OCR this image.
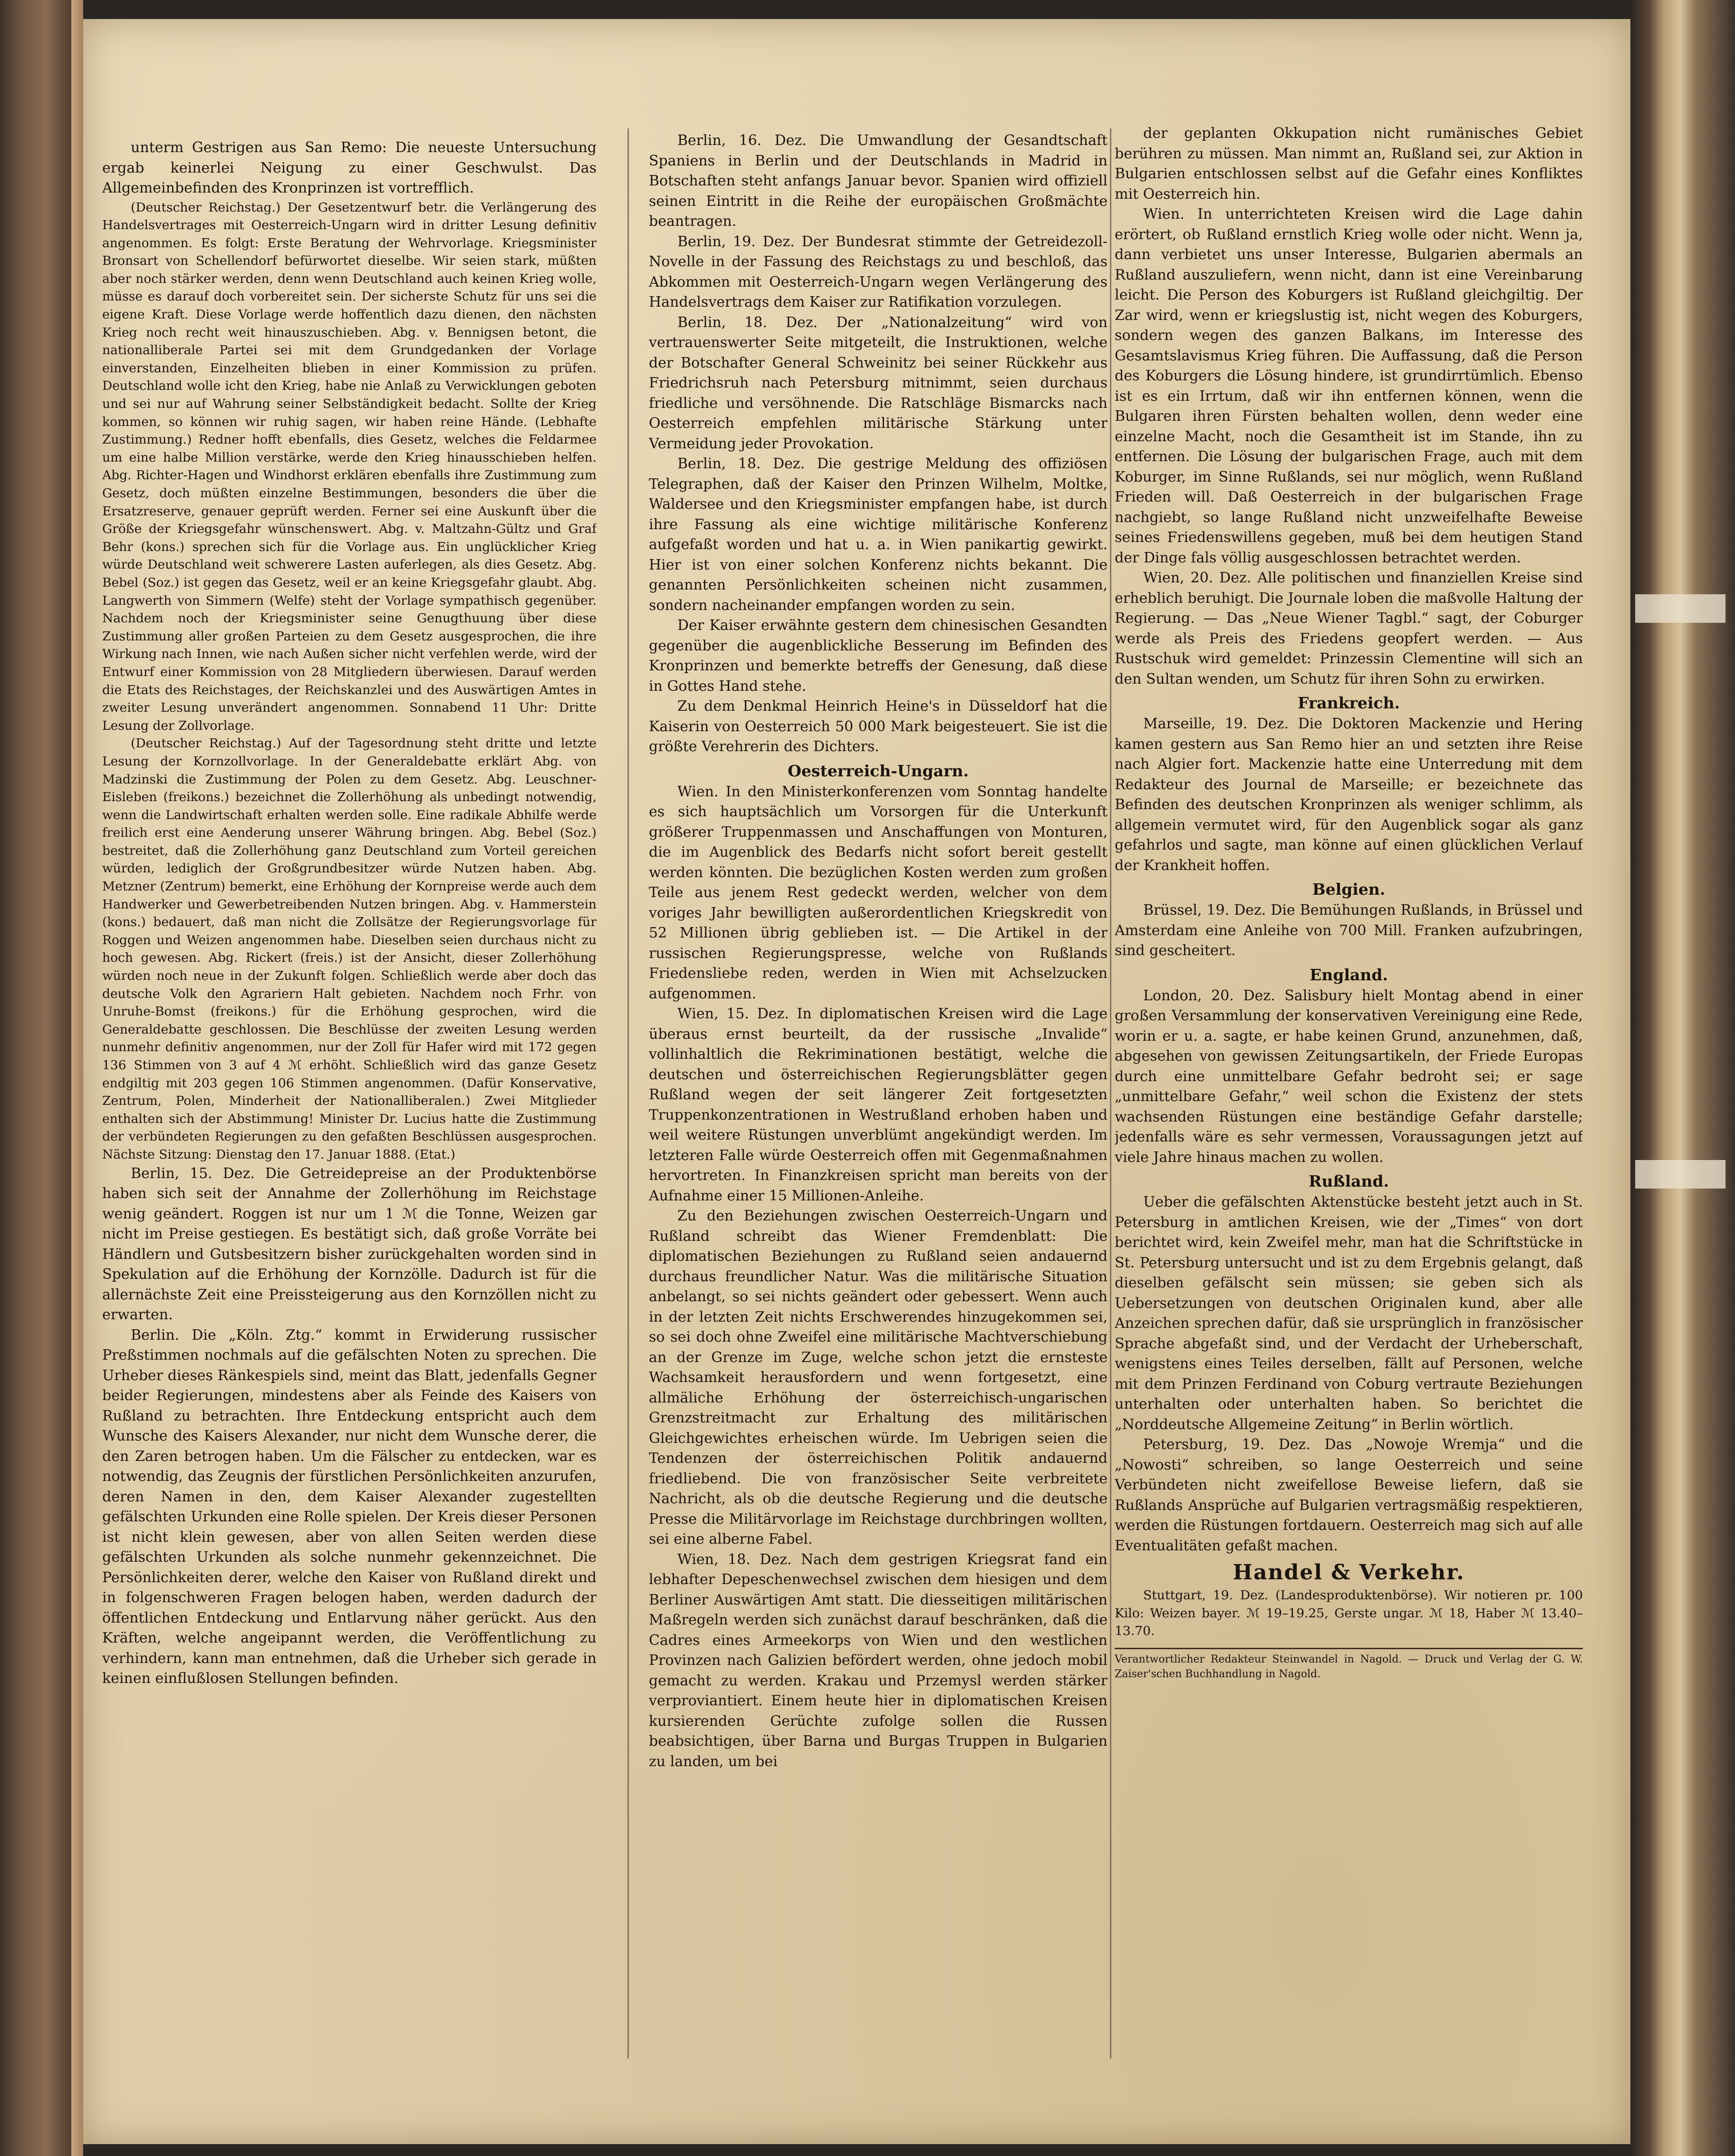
unterm Gestrigen aus San Remo: Die neueste Untersuchung ergab keinerlei Neigung zu einer Geschwulst. Das Allgemeinbefinden des Kronprinzen ist vortrefflich.

(Deutscher Reichstag.) Der Gesetzentwurf betr. die Verlängerung des Handelsvertrages mit Oesterreich-Ungarn wird in dritter Lesung definitiv angenommen. Es folgt: Erste Beratung der Wehrvorlage. Kriegsminister Bronsart von Schellendorf befürwortet dieselbe. Wir seien stark, müßten aber noch stärker werden, denn wenn Deutschland auch keinen Krieg wolle, müsse es darauf doch vorbereitet sein. Der sicherste Schutz für uns sei die eigene Kraft. Diese Vorlage werde hoffentlich dazu dienen, den nächsten Krieg noch recht weit hinauszuschieben. Abg. v. Bennigsen betont, die nationalliberale Partei sei mit dem Grundgedanken der Vorlage einverstanden, Einzelheiten blieben in einer Kommission zu prüfen. Deutschland wolle icht den Krieg, habe nie Anlaß zu Verwicklungen geboten und sei nur auf Wahrung seiner Selbständigkeit bedacht. Sollte der Krieg kommen, so können wir ruhig sagen, wir haben reine Hände. (Lebhafte Zustimmung.) Redner hofft ebenfalls, dies Gesetz, welches die Feldarmee um eine halbe Million verstärke, werde den Krieg hinausschieben helfen. Abg. Richter-Hagen und Windhorst erklären ebenfalls ihre Zustimmung zum Gesetz, doch müßten einzelne Bestimmungen, besonders die über die Ersatzreserve, genauer geprüft werden. Ferner sei eine Auskunft über die Größe der Kriegsgefahr wünschenswert. Abg. v. Maltzahn-Gültz und Graf Behr (kons.) sprechen sich für die Vorlage aus. Ein unglücklicher Krieg würde Deutschland weit schwerere Lasten auferlegen, als dies Gesetz. Abg. Bebel (Soz.) ist gegen das Gesetz, weil er an keine Kriegsgefahr glaubt. Abg. Langwerth von Simmern (Welfe) steht der Vorlage sympathisch gegenüber. Nachdem noch der Kriegsminister seine Genugthuung über diese Zustimmung aller großen Parteien zu dem Gesetz ausgesprochen, die ihre Wirkung nach Innen, wie nach Außen sicher nicht verfehlen werde, wird der Entwurf einer Kommission von 28 Mitgliedern überwiesen. Darauf werden die Etats des Reichstages, der Reichskanzlei und des Auswärtigen Amtes in zweiter Lesung unverändert angenommen. Sonnabend 11 Uhr: Dritte Lesung der Zollvorlage.

(Deutscher Reichstag.) Auf der Tagesordnung steht dritte und letzte Lesung der Kornzollvorlage. In der Generaldebatte erklärt Abg. von Madzinski die Zustimmung der Polen zu dem Gesetz. Abg. Leuschner-Eisleben (freikons.) bezeichnet die Zollerhöhung als unbedingt notwendig, wenn die Landwirtschaft erhalten werden solle. Eine radikale Abhilfe werde freilich erst eine Aenderung unserer Währung bringen. Abg. Bebel (Soz.) bestreitet, daß die Zollerhöhung ganz Deutschland zum Vorteil gereichen würden, lediglich der Großgrundbesitzer würde Nutzen haben. Abg. Metzner (Zentrum) bemerkt, eine Erhöhung der Kornpreise werde auch dem Handwerker und Gewerbetreibenden Nutzen bringen. Abg. v. Hammerstein (kons.) bedauert, daß man nicht die Zollsätze der Regierungsvorlage für Roggen und Weizen angenommen habe. Dieselben seien durchaus nicht zu hoch gewesen. Abg. Rickert (freis.) ist der Ansicht, dieser Zollerhöhung würden noch neue in der Zukunft folgen. Schließlich werde aber doch das deutsche Volk den Agrariern Halt gebieten. Nachdem noch Frhr. von Unruhe-Bomst (freikons.) für die Erhöhung gesprochen, wird die Generaldebatte geschlossen. Die Beschlüsse der zweiten Lesung werden nunmehr definitiv angenommen, nur der Zoll für Hafer wird mit 172 gegen 136 Stimmen von 3 auf 4 ℳ erhöht. Schließlich wird das ganze Gesetz endgiltig mit 203 gegen 106 Stimmen angenommen. (Dafür Konservative, Zentrum, Polen, Minderheit der Nationalliberalen.) Zwei Mitglieder enthalten sich der Abstimmung! Minister Dr. Lucius hatte die Zustimmung der verbündeten Regierungen zu den gefaßten Beschlüssen ausgesprochen. Nächste Sitzung: Dienstag den 17. Januar 1888. (Etat.)

Berlin, 15. Dez. Die Getreidepreise an der Produktenbörse haben sich seit der Annahme der Zollerhöhung im Reichstage wenig geändert. Roggen ist nur um 1 ℳ die Tonne, Weizen gar nicht im Preise gestiegen. Es bestätigt sich, daß große Vorräte bei Händlern und Gutsbesitzern bisher zurückgehalten worden sind in Spekulation auf die Erhöhung der Kornzölle. Dadurch ist für die allernächste Zeit eine Preissteigerung aus den Kornzöllen nicht zu erwarten.

Berlin. Die „Köln. Ztg.“ kommt in Erwiderung russischer Preßstimmen nochmals auf die gefälschten Noten zu sprechen. Die Urheber dieses Ränkespiels sind, meint das Blatt, jedenfalls Gegner beider Regierungen, mindestens aber als Feinde des Kaisers von Rußland zu betrachten. Ihre Entdeckung entspricht auch dem Wunsche des Kaisers Alexander, nur nicht dem Wunsche derer, die den Zaren betrogen haben. Um die Fälscher zu entdecken, war es notwendig, das Zeugnis der fürstlichen Persönlichkeiten anzurufen, deren Namen in den, dem Kaiser Alexander zugestellten gefälschten Urkunden eine Rolle spielen. Der Kreis dieser Personen ist nicht klein gewesen, aber von allen Seiten werden diese gefälschten Urkunden als solche nunmehr gekennzeichnet. Die Persönlichkeiten derer, welche den Kaiser von Rußland direkt und in folgenschweren Fragen belogen haben, werden dadurch der öffentlichen Entdeckung und Entlarvung näher gerückt. Aus den Kräften, welche angeipannt werden, die Veröffentlichung zu verhindern, kann man entnehmen, daß die Urheber sich gerade in keinen einflußlosen Stellungen befinden.

Berlin, 16. Dez. Die Umwandlung der Gesandtschaft Spaniens in Berlin und der Deutschlands in Madrid in Botschaften steht anfangs Januar bevor. Spanien wird offiziell seinen Eintritt in die Reihe der europäischen Großmächte beantragen.

Berlin, 19. Dez. Der Bundesrat stimmte der Getreidezoll-Novelle in der Fassung des Reichstags zu und beschloß, das Abkommen mit Oesterreich-Ungarn wegen Verlängerung des Handelsvertrags dem Kaiser zur Ratifikation vorzulegen.

Berlin, 18. Dez. Der „Nationalzeitung“ wird von vertrauenswerter Seite mitgeteilt, die Instruktionen, welche der Botschafter General Schweinitz bei seiner Rückkehr aus Friedrichsruh nach Petersburg mitnimmt, seien durchaus friedliche und versöhnende. Die Ratschläge Bismarcks nach Oesterreich empfehlen militärische Stärkung unter Vermeidung jeder Provokation.

Berlin, 18. Dez. Die gestrige Meldung des offiziösen Telegraphen, daß der Kaiser den Prinzen Wilhelm, Moltke, Waldersee und den Kriegsminister empfangen habe, ist durch ihre Fassung als eine wichtige militärische Konferenz aufgefaßt worden und hat u. a. in Wien panikartig gewirkt. Hier ist von einer solchen Konferenz nichts bekannt. Die genannten Persönlichkeiten scheinen nicht zusammen, sondern nacheinander empfangen worden zu sein.

Der Kaiser erwähnte gestern dem chinesischen Gesandten gegenüber die augenblickliche Besserung im Befinden des Kronprinzen und bemerkte betreffs der Genesung, daß diese in Gottes Hand stehe.

Zu dem Denkmal Heinrich Heine's in Düsseldorf hat die Kaiserin von Oesterreich 50 000 Mark beigesteuert. Sie ist die größte Verehrerin des Dichters.

Oesterreich-Ungarn.

Wien. In den Ministerkonferenzen vom Sonntag handelte es sich hauptsächlich um Vorsorgen für die Unterkunft größerer Truppenmassen und Anschaffungen von Monturen, die im Augenblick des Bedarfs nicht sofort bereit gestellt werden könnten. Die bezüglichen Kosten werden zum großen Teile aus jenem Rest gedeckt werden, welcher von dem voriges Jahr bewilligten außerordentlichen Kriegskredit von 52 Millionen übrig geblieben ist. — Die Artikel in der russischen Regierungspresse, welche von Rußlands Friedensliebe reden, werden in Wien mit Achselzucken aufgenommen.

Wien, 15. Dez. In diplomatischen Kreisen wird die Lage überaus ernst beurteilt, da der russische „Invalide“ vollinhaltlich die Rekriminationen bestätigt, welche die deutschen und österreichischen Regierungsblätter gegen Rußland wegen der seit längerer Zeit fortgesetzten Truppenkonzentrationen in Westrußland erhoben haben und weil weitere Rüstungen unverblümt angekündigt werden. Im letzteren Falle würde Oesterreich offen mit Gegenmaßnahmen hervortreten. In Finanzkreisen spricht man bereits von der Aufnahme einer 15 Millionen-Anleihe.

Zu den Beziehungen zwischen Oesterreich-Ungarn und Rußland schreibt das Wiener Fremdenblatt: Die diplomatischen Beziehungen zu Rußland seien andauernd durchaus freundlicher Natur. Was die militärische Situation anbelangt, so sei nichts geändert oder gebessert. Wenn auch in der letzten Zeit nichts Erschwerendes hinzugekommen sei, so sei doch ohne Zweifel eine militärische Machtverschiebung an der Grenze im Zuge, welche schon jetzt die ernsteste Wachsamkeit herausfordern und wenn fortgesetzt, eine allmäliche Erhöhung der österreichisch-ungarischen Grenzstreitmacht zur Erhaltung des militärischen Gleichgewichtes erheischen würde. Im Uebrigen seien die Tendenzen der österreichischen Politik andauernd friedliebend. Die von französischer Seite verbreitete Nachricht, als ob die deutsche Regierung und die deutsche Presse die Militärvorlage im Reichstage durchbringen wollten, sei eine alberne Fabel.

Wien, 18. Dez. Nach dem gestrigen Kriegsrat fand ein lebhafter Depeschenwechsel zwischen dem hiesigen und dem Berliner Auswärtigen Amt statt. Die diesseitigen militärischen Maßregeln werden sich zunächst darauf beschränken, daß die Cadres eines Armeekorps von Wien und den westlichen Provinzen nach Galizien befördert werden, ohne jedoch mobil gemacht zu werden. Krakau und Przemysl werden stärker verproviantiert. Einem heute hier in diplomatischen Kreisen kursierenden Gerüchte zufolge sollen die Russen beabsichtigen, über Barna und Burgas Truppen in Bulgarien zu landen, um bei

der geplanten Okkupation nicht rumänisches Gebiet berühren zu müssen. Man nimmt an, Rußland sei, zur Aktion in Bulgarien entschlossen selbst auf die Gefahr eines Konfliktes mit Oesterreich hin.

Wien. In unterrichteten Kreisen wird die Lage dahin erörtert, ob Rußland ernstlich Krieg wolle oder nicht. Wenn ja, dann verbietet uns unser Interesse, Bulgarien abermals an Rußland auszuliefern, wenn nicht, dann ist eine Vereinbarung leicht. Die Person des Koburgers ist Rußland gleichgiltig. Der Zar wird, wenn er kriegslustig ist, nicht wegen des Koburgers, sondern wegen des ganzen Balkans, im Interesse des Gesamtslavismus Krieg führen. Die Auffassung, daß die Person des Koburgers die Lösung hindere, ist grundirrtümlich. Ebenso ist es ein Irrtum, daß wir ihn entfernen können, wenn die Bulgaren ihren Fürsten behalten wollen, denn weder eine einzelne Macht, noch die Gesamtheit ist im Stande, ihn zu entfernen. Die Lösung der bulgarischen Frage, auch mit dem Koburger, im Sinne Rußlands, sei nur möglich, wenn Rußland Frieden will. Daß Oesterreich in der bulgarischen Frage nachgiebt, so lange Rußland nicht unzweifelhafte Beweise seines Friedenswillens gegeben, muß bei dem heutigen Stand der Dinge fals völlig ausgeschlossen betrachtet werden.

Wien, 20. Dez. Alle politischen und finanziellen Kreise sind erheblich beruhigt. Die Journale loben die maßvolle Haltung der Regierung. — Das „Neue Wiener Tagbl.“ sagt, der Coburger werde als Preis des Friedens geopfert werden. — Aus Rustschuk wird gemeldet: Prinzessin Clementine will sich an den Sultan wenden, um Schutz für ihren Sohn zu erwirken.

Frankreich.

Marseille, 19. Dez. Die Doktoren Mackenzie und Hering kamen gestern aus San Remo hier an und setzten ihre Reise nach Algier fort. Mackenzie hatte eine Unterredung mit dem Redakteur des Journal de Marseille; er bezeichnete das Befinden des deutschen Kronprinzen als weniger schlimm, als allgemein vermutet wird, für den Augenblick sogar als ganz gefahrlos und sagte, man könne auf einen glücklichen Verlauf der Krankheit hoffen.

Belgien.

Brüssel, 19. Dez. Die Bemühungen Rußlands, in Brüssel und Amsterdam eine Anleihe von 700 Mill. Franken aufzubringen, sind gescheitert.

England.

London, 20. Dez. Salisbury hielt Montag abend in einer großen Versammlung der konservativen Vereinigung eine Rede, worin er u. a. sagte, er habe keinen Grund, anzunehmen, daß, abgesehen von gewissen Zeitungsartikeln, der Friede Europas durch eine unmittelbare Gefahr bedroht sei; er sage „unmittelbare Gefahr,“ weil schon die Existenz der stets wachsenden Rüstungen eine beständige Gefahr darstelle; jedenfalls wäre es sehr vermessen, Voraussagungen jetzt auf viele Jahre hinaus machen zu wollen.

Rußland.

Ueber die gefälschten Aktenstücke besteht jetzt auch in St. Petersburg in amtlichen Kreisen, wie der „Times“ von dort berichtet wird, kein Zweifel mehr, man hat die Schriftstücke in St. Petersburg untersucht und ist zu dem Ergebnis gelangt, daß dieselben gefälscht sein müssen; sie geben sich als Uebersetzungen von deutschen Originalen kund, aber alle Anzeichen sprechen dafür, daß sie ursprünglich in französischer Sprache abgefaßt sind, und der Verdacht der Urheberschaft, wenigstens eines Teiles derselben, fällt auf Personen, welche mit dem Prinzen Ferdinand von Coburg vertraute Beziehungen unterhalten oder unterhalten haben. So berichtet die „Norddeutsche Allgemeine Zeitung“ in Berlin wörtlich.

Petersburg, 19. Dez. Das „Nowoje Wremja“ und die „Nowosti“ schreiben, so lange Oesterreich und seine Verbündeten nicht zweifellose Beweise liefern, daß sie Rußlands Ansprüche auf Bulgarien vertragsmäßig respektieren, werden die Rüstungen fortdauern. Oesterreich mag sich auf alle Eventualitäten gefaßt machen.

Handel & Verkehr.

Stuttgart, 19. Dez. (Landesproduktenbörse). Wir notieren pr. 100 Kilo: Weizen bayer. ℳ 19–19.25, Gerste ungar. ℳ 18, Haber ℳ 13.40–13.70.

Verantwortlicher Redakteur Steinwandel in Nagold. — Druck und Verlag der G. W. Zaiser'schen Buchhandlung in Nagold.
